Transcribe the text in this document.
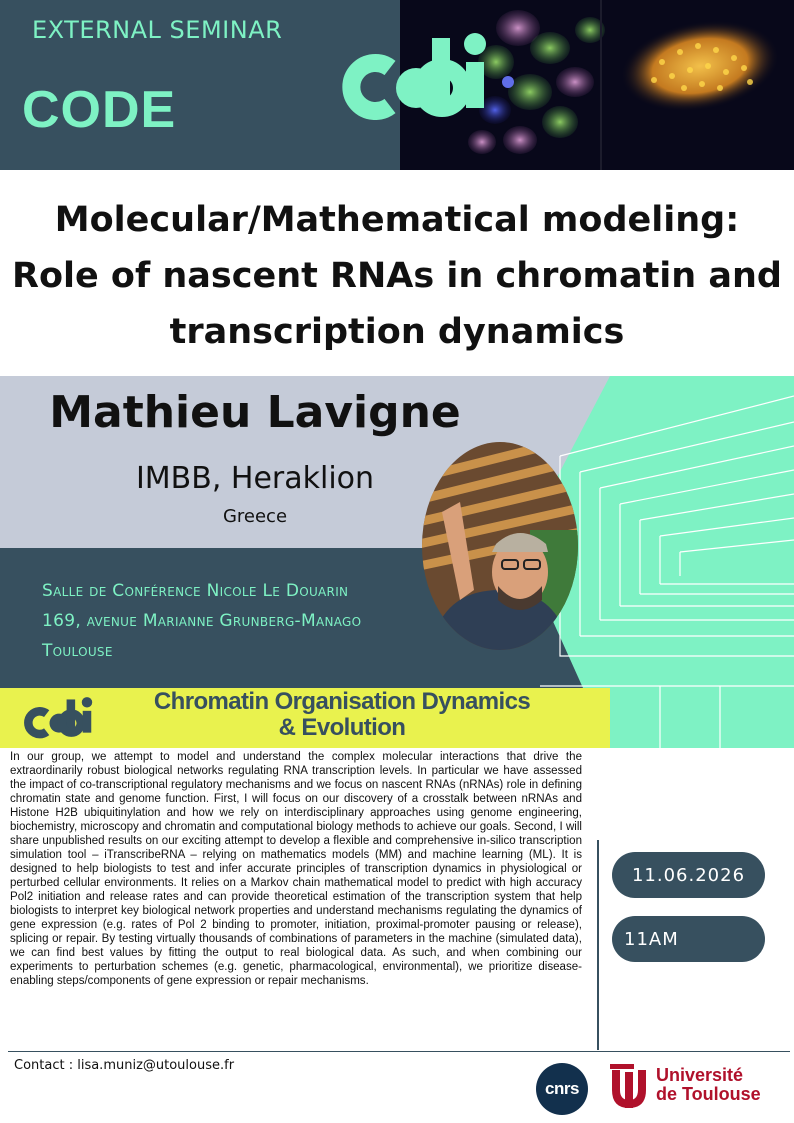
EXTERNAL SEMINAR
CODE
Molecular/Mathematical modeling:
Role of nascent RNAs in chromatin and
transcription dynamics
Mathieu Lavigne
IMBB, Heraklion
Greece
Salle de Conférence Nicole Le Douarin
169, avenue Marianne Grunberg-Manago
Toulouse
Chromatin Organisation Dynamics
& Evolution

In our group, we attempt to model and understand the complex molecular interactions that drive the extraordinarily robust biological networks regulating RNA transcription levels. In particular we have assessed the impact of co-transcriptional regulatory mechanisms and we focus on nascent RNAs (nRNAs) role in defining chromatin state and genome function. First, I will focus on our discovery of a crosstalk between nRNAs and Histone H2B ubiquitinylation and how we rely on interdisciplinary approaches using genome engineering, biochemistry, microscopy and chromatin and computational biology methods to achieve our goals. Second, I will share unpublished results on our exciting attempt to develop a flexible and comprehensive in-silico transcription simulation tool – iTranscribeRNA – relying on mathematics models (MM) and machine learning (ML). It is designed to help biologists to test and infer accurate principles of transcription dynamics in physiological or perturbed cellular environments. It relies on a Markov chain mathematical model to predict with high accuracy Pol2 initiation and release rates and can provide theoretical estimation of the transcription system that help biologists to interpret key biological network properties and understand mechanisms regulating the dynamics of gene expression (e.g. rates of Pol 2 binding to promoter, initiation, proximal-promoter pausing or release), splicing or repair. By testing virtually thousands of combinations of parameters in the machine (simulated data), we can find best values by fitting the output to real biological data. As such, and when combining our experiments to perturbation schemes (e.g. genetic, pharmacological, environmental), we prioritize disease-enabling steps/components of gene expression or repair mechanisms.

11.06.2026
11AM
Contact : lisa.muniz@utoulouse.fr
cnrs
Université
de Toulouse
